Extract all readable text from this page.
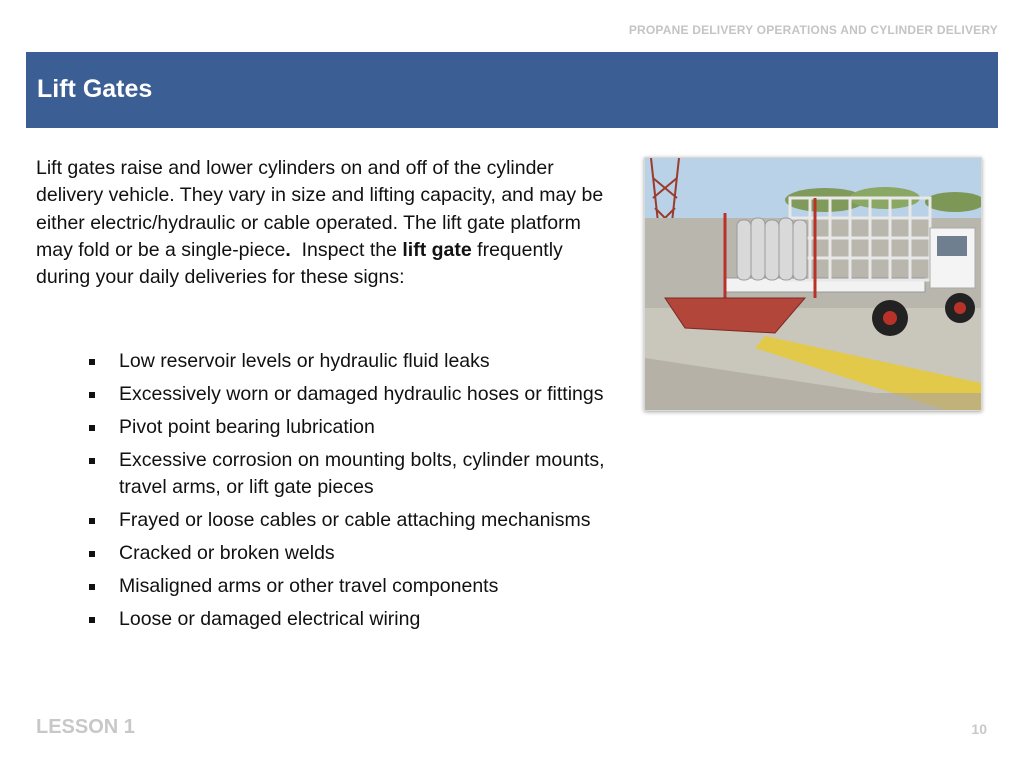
PROPANE DELIVERY OPERATIONS AND CYLINDER DELIVERY
Lift Gates

Lift gates raise and lower cylinders on and off of the cylinder delivery vehicle. They vary in size and lifting capacity, and may be either electric/hydraulic or cable operated. The lift gate platform may fold or be a single-piece.  Inspect the lift gate frequently during your daily deliveries for these signs:

Low reservoir levels or hydraulic fluid leaks
Excessively worn or damaged hydraulic hoses or fittings
Pivot point bearing lubrication
Excessive corrosion on mounting bolts, cylinder mounts, travel arms, or lift gate pieces
Frayed or loose cables or cable attaching mechanisms
Cracked or broken welds
Misaligned arms or other travel components
Loose or damaged electrical wiring
LESSON 1	10
